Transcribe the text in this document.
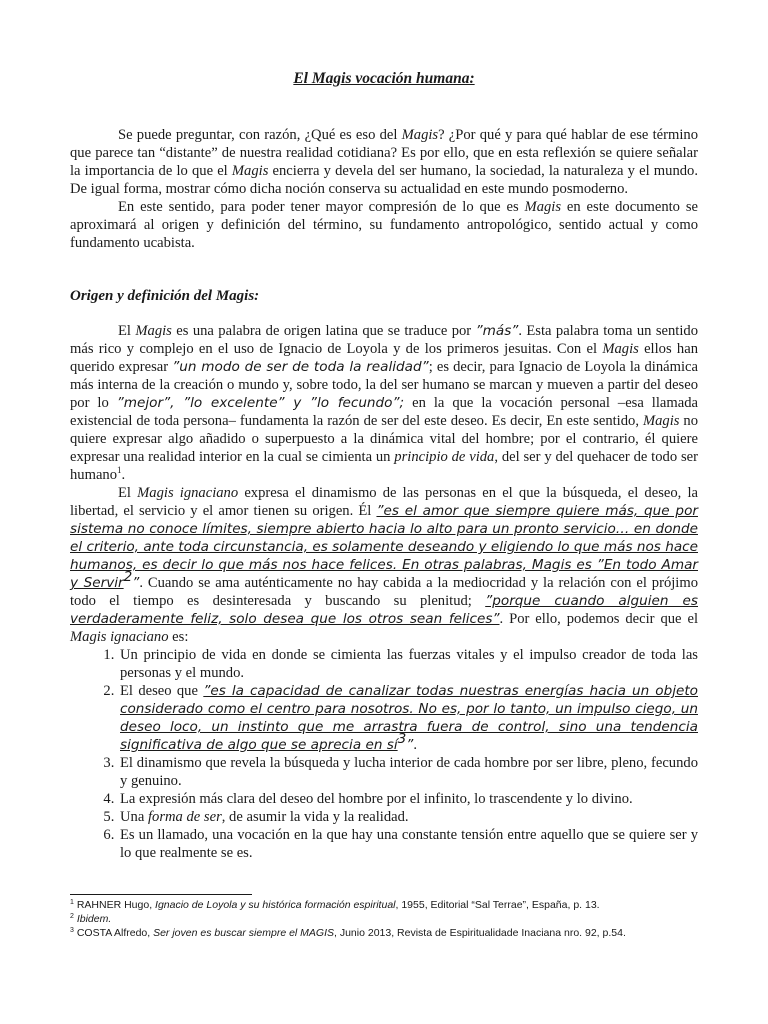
El Magis vocación humana:

Se puede preguntar, con razón, ¿Qué es eso del Magis? ¿Por qué y para qué hablar de ese término que parece tan “distante” de nuestra realidad cotidiana? Es por ello, que en esta reflexión se quiere señalar la importancia de lo que el Magis encierra y devela del ser humano, la sociedad, la naturaleza y el mundo. De igual forma, mostrar cómo dicha noción conserva su actualidad en este mundo posmoderno.

En este sentido, para poder tener mayor compresión de lo que es Magis en este documento se aproximará al origen y definición del término, su fundamento antropológico, sentido actual y como fundamento ucabista.

Origen y definición del Magis:

El Magis es una palabra de origen latina que se traduce por ”más”. Esta palabra toma un sentido más rico y complejo en el uso de Ignacio de Loyola y de los primeros jesuitas. Con el Magis ellos han querido expresar ”un modo de ser de toda la realidad”; es decir, para Ignacio de Loyola la dinámica más interna de la creación o mundo y, sobre todo, la del ser humano se marcan y mueven a partir del deseo por lo ”mejor”, ”lo excelente” y ”lo fecundo”; en la que la vocación personal –esa llamada existencial de toda persona– fundamenta la razón de ser del este deseo. Es decir, En este sentido, Magis no quiere expresar algo añadido o superpuesto a la dinámica vital del hombre; por el contrario, él quiere expresar una realidad interior en la cual se cimienta un principio de vida, del ser y del quehacer de todo ser humano$^1$.

El Magis ignaciano expresa el dinamismo de las personas en el que la búsqueda, el deseo, la libertad, el servicio y el amor tienen su origen. Él ”es el amor que siempre quiere más, que por sistema no conoce límites, siempre abierto hacia lo alto para un pronto servicio… en donde el criterio, ante toda circunstancia, es solamente deseando y eligiendo lo que más nos hace humanos, es decir lo que más nos hace felices. En otras palabras, Magis es ”En todo Amar y Servir$^2$”. Cuando se ama auténticamente no hay cabida a la mediocridad y la relación con el prójimo todo el tiempo es desinteresada y buscando su plenitud; ”porque cuando alguien es verdaderamente feliz, solo desea que los otros sean felices”. Por ello, podemos decir que el Magis ignaciano es:

1. Un principio de vida en donde se cimienta las fuerzas vitales y el impulso creador de toda las personas y el mundo.
2. El deseo que ”es la capacidad de canalizar todas nuestras energías hacia un objeto considerado como el centro para nosotros. No es, por lo tanto, un impulso ciego, un deseo loco, un instinto que me arrastra fuera de control, sino una tendencia significativa de algo que se aprecia en $sí^3$”.
3. El dinamismo que revela la búsqueda y lucha interior de cada hombre por ser libre, pleno, fecundo y genuino.
4. La expresión más clara del deseo del hombre por el infinito, lo trascendente y lo divino.
5. Una forma de ser, de asumir la vida y la realidad.
6. Es un llamado, una vocación en la que hay una constante tensión entre aquello que se quiere ser y lo que realmente se es.

$^1$ RAHNER Hugo, Ignacio de Loyola y su histórica formación espiritual, 1955, Editorial “Sal Terrae”, España, p. 13.

$^2$ Ibidem.

$^3$ COSTA Alfredo, Ser joven es buscar siempre el MAGIS, Junio 2013, Revista de Espiritualidade Inaciana nro. 92, p.54.
